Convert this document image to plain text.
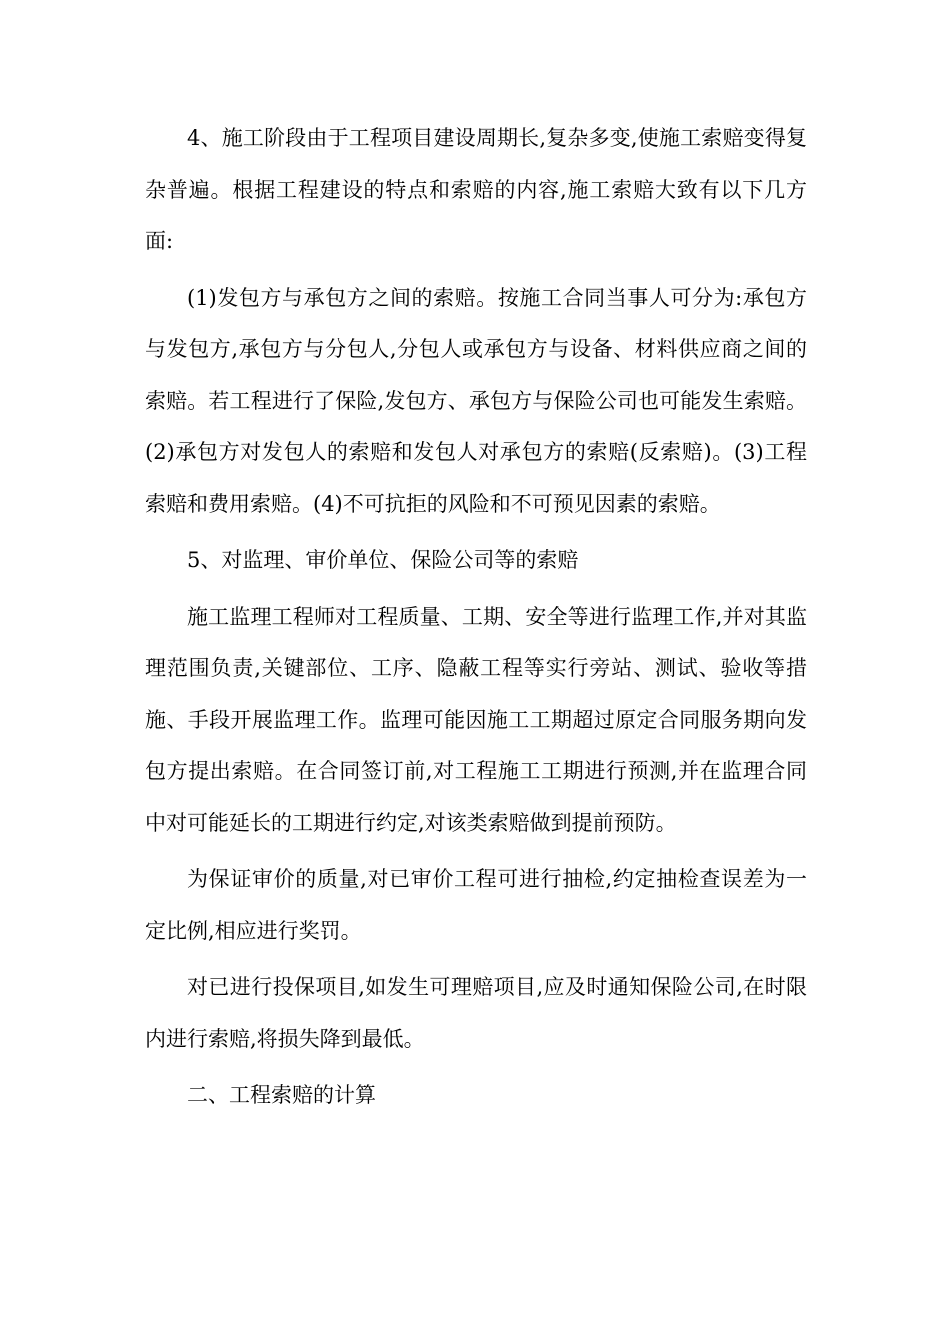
4、施工阶段由于工程项目建设周期长,复杂多变,使施工索赔变得复杂普遍。根据工程建设的特点和索赔的内容,施工索赔大致有以下几方面:

(1)发包方与承包方之间的索赔。按施工合同当事人可分为:承包方与发包方,承包方与分包人,分包人或承包方与设备、材料供应商之间的索赔。若工程进行了保险,发包方、承包方与保险公司也可能发生索赔。(2)承包方对发包人的索赔和发包人对承包方的索赔(反索赔)。(3)工程索赔和费用索赔。(4)不可抗拒的风险和不可预见因素的索赔。

5、对监理、审价单位、保险公司等的索赔

施工监理工程师对工程质量、工期、安全等进行监理工作,并对其监理范围负责,关键部位、工序、隐蔽工程等实行旁站、测试、验收等措施、手段开展监理工作。监理可能因施工工期超过原定合同服务期向发包方提出索赔。在合同签订前,对工程施工工期进行预测,并在监理合同中对可能延长的工期进行约定,对该类索赔做到提前预防。

为保证审价的质量,对已审价工程可进行抽检,约定抽检查误差为一定比例,相应进行奖罚。

对已进行投保项目,如发生可理赔项目,应及时通知保险公司,在时限内进行索赔,将损失降到最低。

二、工程索赔的计算
